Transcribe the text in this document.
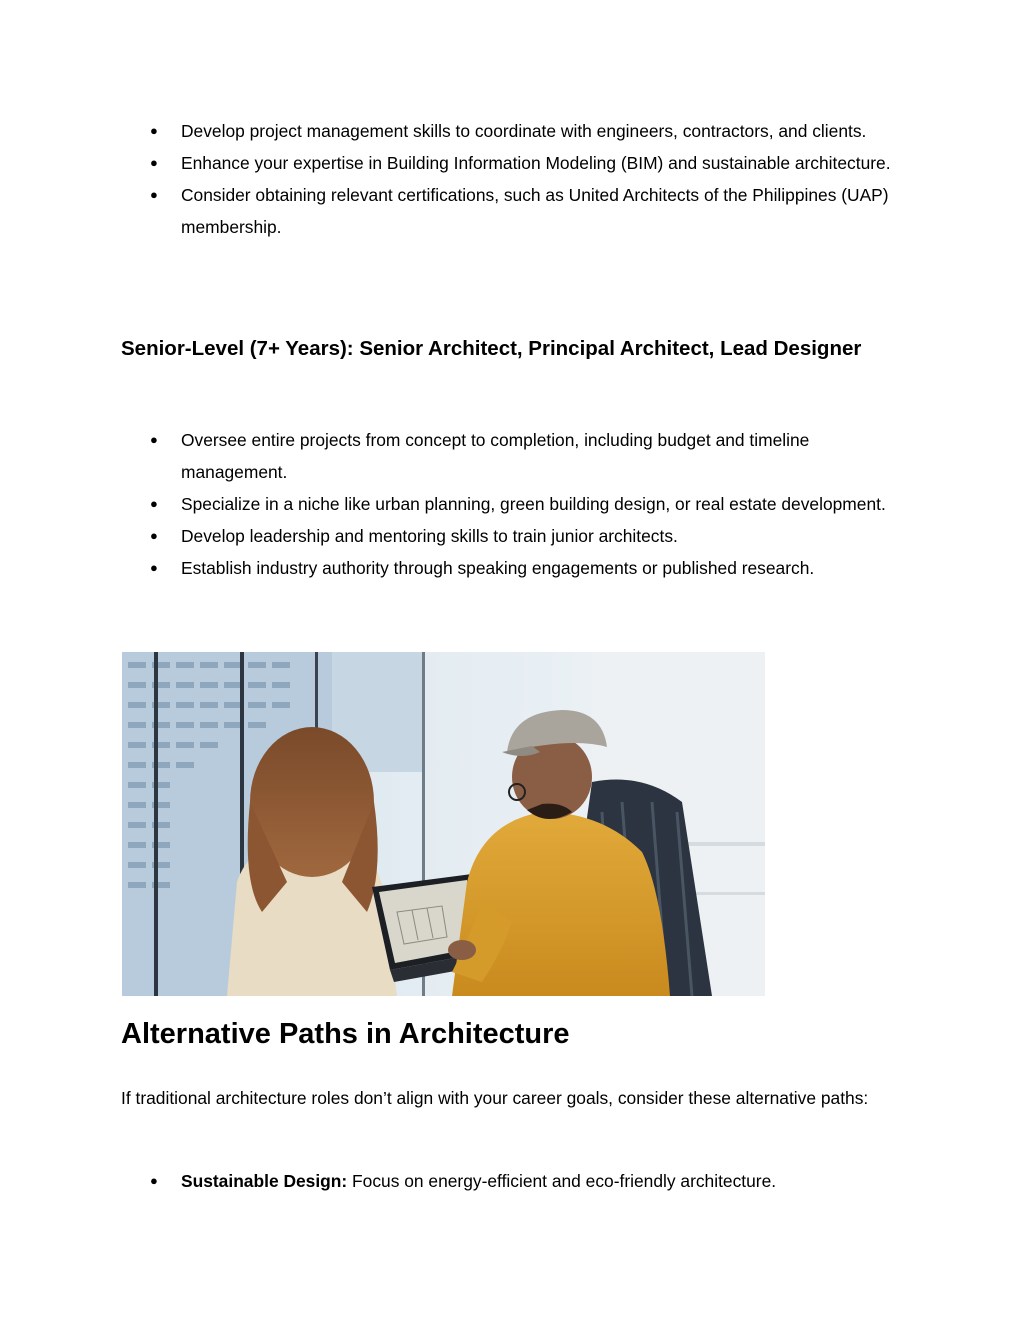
● Develop project management skills to coordinate with engineers, contractors, and clients.
● Enhance your expertise in Building Information Modeling (BIM) and sustainable architecture.
● Consider obtaining relevant certifications, such as United Architects of the Philippines (UAP) membership.
Senior-Level (7+ Years): Senior Architect, Principal Architect, Lead Designer
● Oversee entire projects from concept to completion, including budget and timeline management.
● Specialize in a niche like urban planning, green building design, or real estate development.
● Develop leadership and mentoring skills to train junior architects.
● Establish industry authority through speaking engagements or published research.
Alternative Paths in Architecture
If traditional architecture roles don’t align with your career goals, consider these alternative paths:
● Sustainable Design: Focus on energy-efficient and eco-friendly architecture.
